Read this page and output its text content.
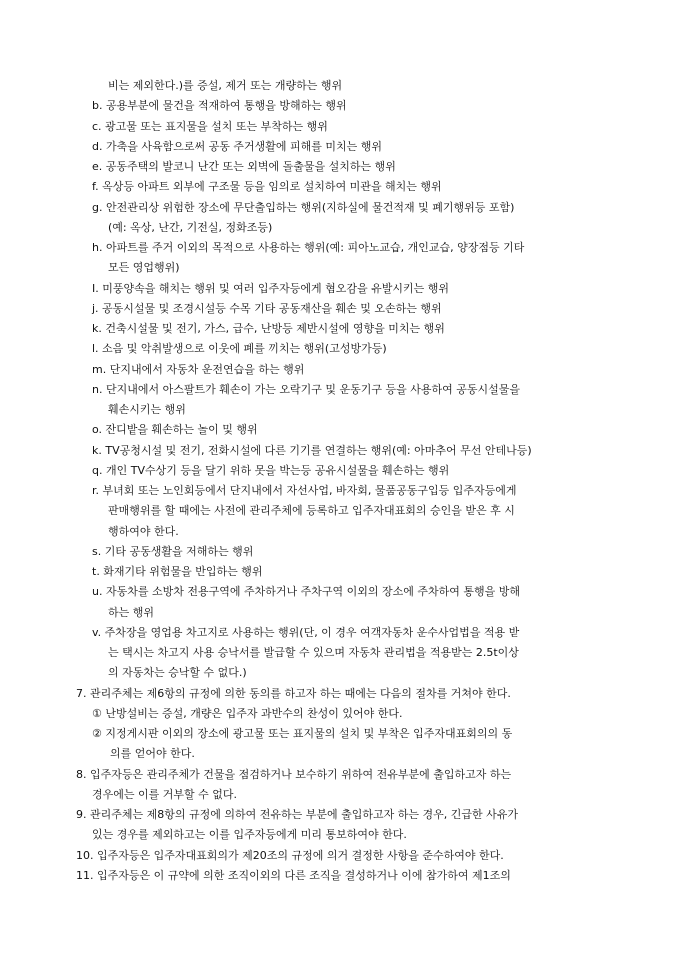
비는 제외한다.)를 증설, 제거 또는 개량하는 행위
b. 공용부분에 물건을 적재하여 통행을 방해하는 행위
c. 광고물 또는 표지물을 설치 또는 부착하는 행위
d. 가축을 사육함으로써 공동 주거생활에 피해를 미치는 행위
e. 공동주택의 발코니 난간 또는 외벽에 돌출물을 설치하는 행위
f. 옥상등 아파트 외부에 구조물 등을 임의로 설치하여 미관을 해치는 행위
g. 안전관리상 위험한 장소에 무단출입하는 행위(지하실에 물건적재 및 폐기행위등 포함)
(예: 옥상, 난간, 기전실, 정화조등)
h. 아파트를 주거 이외의 목적으로 사용하는 행위(예: 피아노교습, 개인교습, 양장점등 기타
모든 영업행위)
I. 미풍양속을 해치는 행위 및 여러 입주자등에게 혐오감을 유발시키는 행위
j. 공동시설물 및 조경시설등 수목 기타 공동재산을 훼손 및 오손하는 행위
k. 건축시설물 및 전기, 가스, 급수, 난방등 제반시설에 영향을 미치는 행위
l. 소음 및 악취발생으로 이웃에 폐를 끼치는 행위(고성방가등)
m. 단지내에서 자동차 운전연습을 하는 행위
n. 단지내에서 아스팔트가 훼손이 가는 오락기구 및 운동기구 등을 사용하여 공동시설물을
훼손시키는 행위
o. 잔디밭을 훼손하는 놀이 및 행위
k. TV공청시설 및 전기, 전화시설에 다른 기기를 연결하는 행위(예: 아마추어 무선 안테나등)
q. 개인 TV수상기 등을 달기 위하 못을 박는등 공유시설물을 훼손하는 행위
r. 부녀회 또는 노인회등에서 단지내에서 자선사업, 바자회, 물품공동구입등 입주자등에게
판매행위를 할 때에는 사전에 관리주체에 등록하고 입주자대표회의 승인을 받은 후 시
행하여야 한다.
s. 기타 공동생활을 저해하는 행위
t. 화재기타 위험물을 반입하는 행위
u. 자동차를 소방차 전용구역에 주차하거나 주차구역 이외의 장소에 주차하여 통행을 방해
하는 행위
v. 주차장을 영업용 차고지로 사용하는 행위(단, 이 경우 여객자동차 운수사업법을 적용 받
는 택시는 차고지 사용 승낙서를 발급할 수 있으며 자동차 관리법을 적용받는 2.5t이상
의 자동차는 승낙할 수 없다.)
7. 관리주체는 제6항의 규정에 의한 동의를 하고자 하는 때에는 다음의 절차를 거쳐야 한다.
① 난방설비는 증설, 개량은 입주자 과반수의 찬성이 있어야 한다.
② 지정게시판 이외의 장소에 광고물 또는 표지물의 설치 및 부착은 입주자대표회의의 동
의를 얻어야 한다.
8. 입주자등은 관리주체가 건물을 점검하거나 보수하기 위하여 전유부분에 출입하고자 하는
경우에는 이를 거부할 수 없다.
9. 관리주체는 제8항의 규정에 의하여 전유하는 부분에 출입하고자 하는 경우, 긴급한 사유가
있는 경우를 제외하고는 이를 입주자등에게 미리 통보하여야 한다.
10. 입주자등은 입주자대표회의가 제20조의 규정에 의거 결정한 사항을 준수하여야 한다.
11. 입주자등은 이 규약에 의한 조직이외의 다른 조직을 결성하거나 이에 참가하여 제1조의
